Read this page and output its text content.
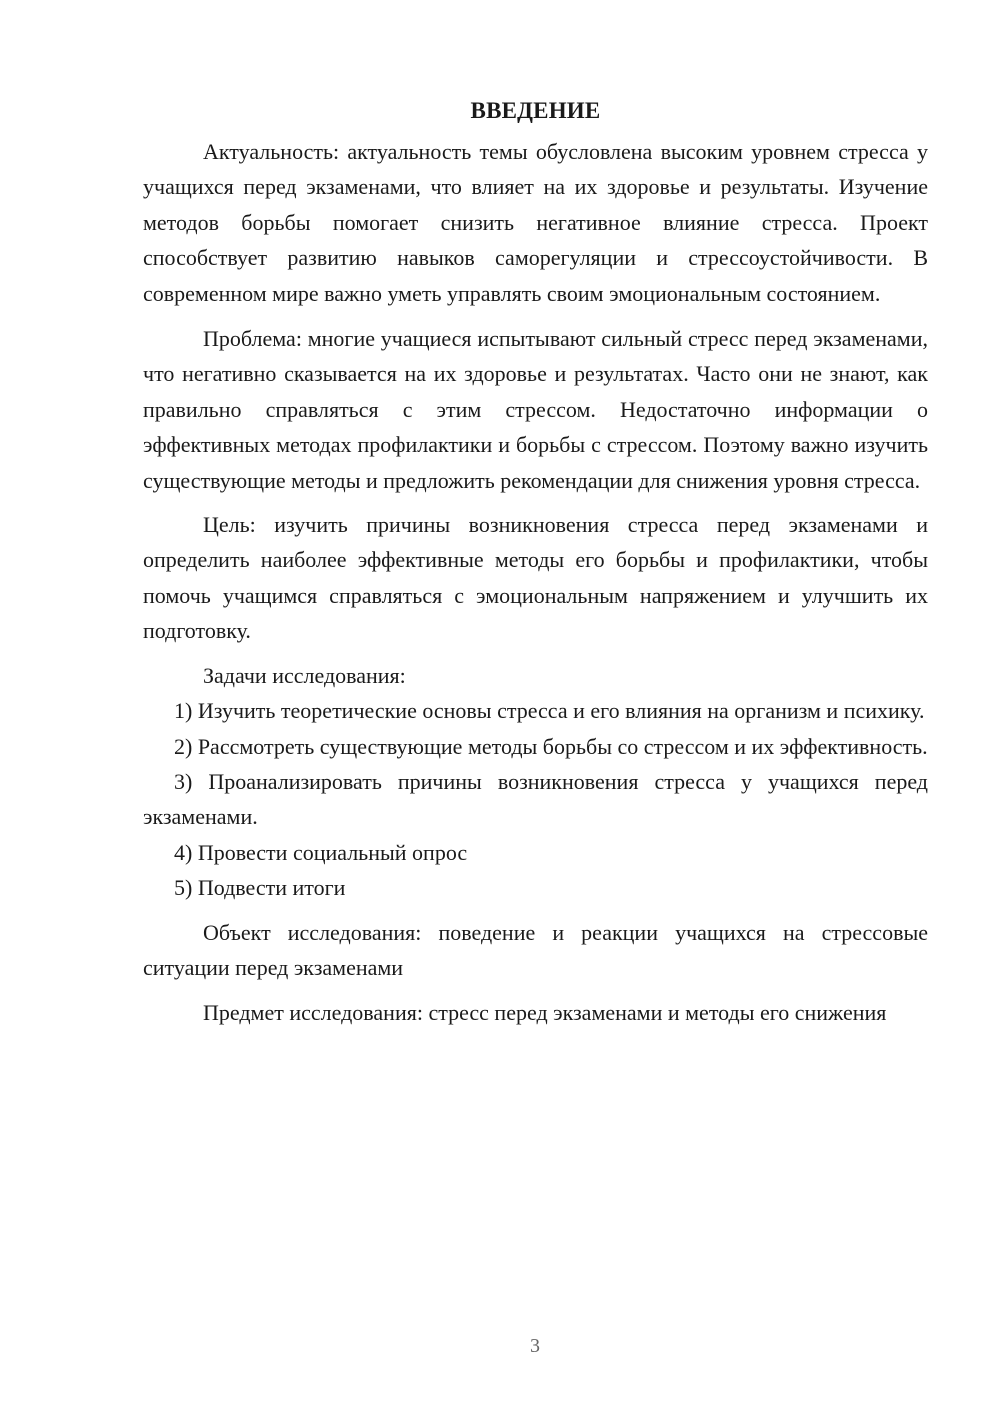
ВВЕДЕНИЕ

Актуальность: актуальность темы обусловлена высоким уровнем стресса у учащихся перед экзаменами, что влияет на их здоровье и результаты. Изучение методов борьбы помогает снизить негативное влияние стресса. Проект способствует развитию навыков саморегуляции и стрессоустойчивости. В современном мире важно уметь управлять своим эмоциональным состоянием.

Проблема: многие учащиеся испытывают сильный стресс перед экзаменами, что негативно сказывается на их здоровье и результатах. Часто они не знают, как правильно справляться с этим стрессом. Недостаточно информации о эффективных методах профилактики и борьбы с стрессом. Поэтому важно изучить существующие методы и предложить рекомендации для снижения уровня стресса.

Цель: изучить причины возникновения стресса перед экзаменами и определить наиболее эффективные методы его борьбы и профилактики, чтобы помочь учащимся справляться с эмоциональным напряжением и улучшить их подготовку.

Задачи исследования:

1) Изучить теоретические основы стресса и его влияния на организм и психику.

2) Рассмотреть существующие методы борьбы со стрессом и их эффективность.

3) Проанализировать причины возникновения стресса у учащихся перед экзаменами.

4) Провести социальный опрос

5) Подвести итоги

Объект исследования: поведение и реакции учащихся на стрессовые ситуации перед экзаменами

Предмет исследования: стресс перед экзаменами и методы его снижения

3
